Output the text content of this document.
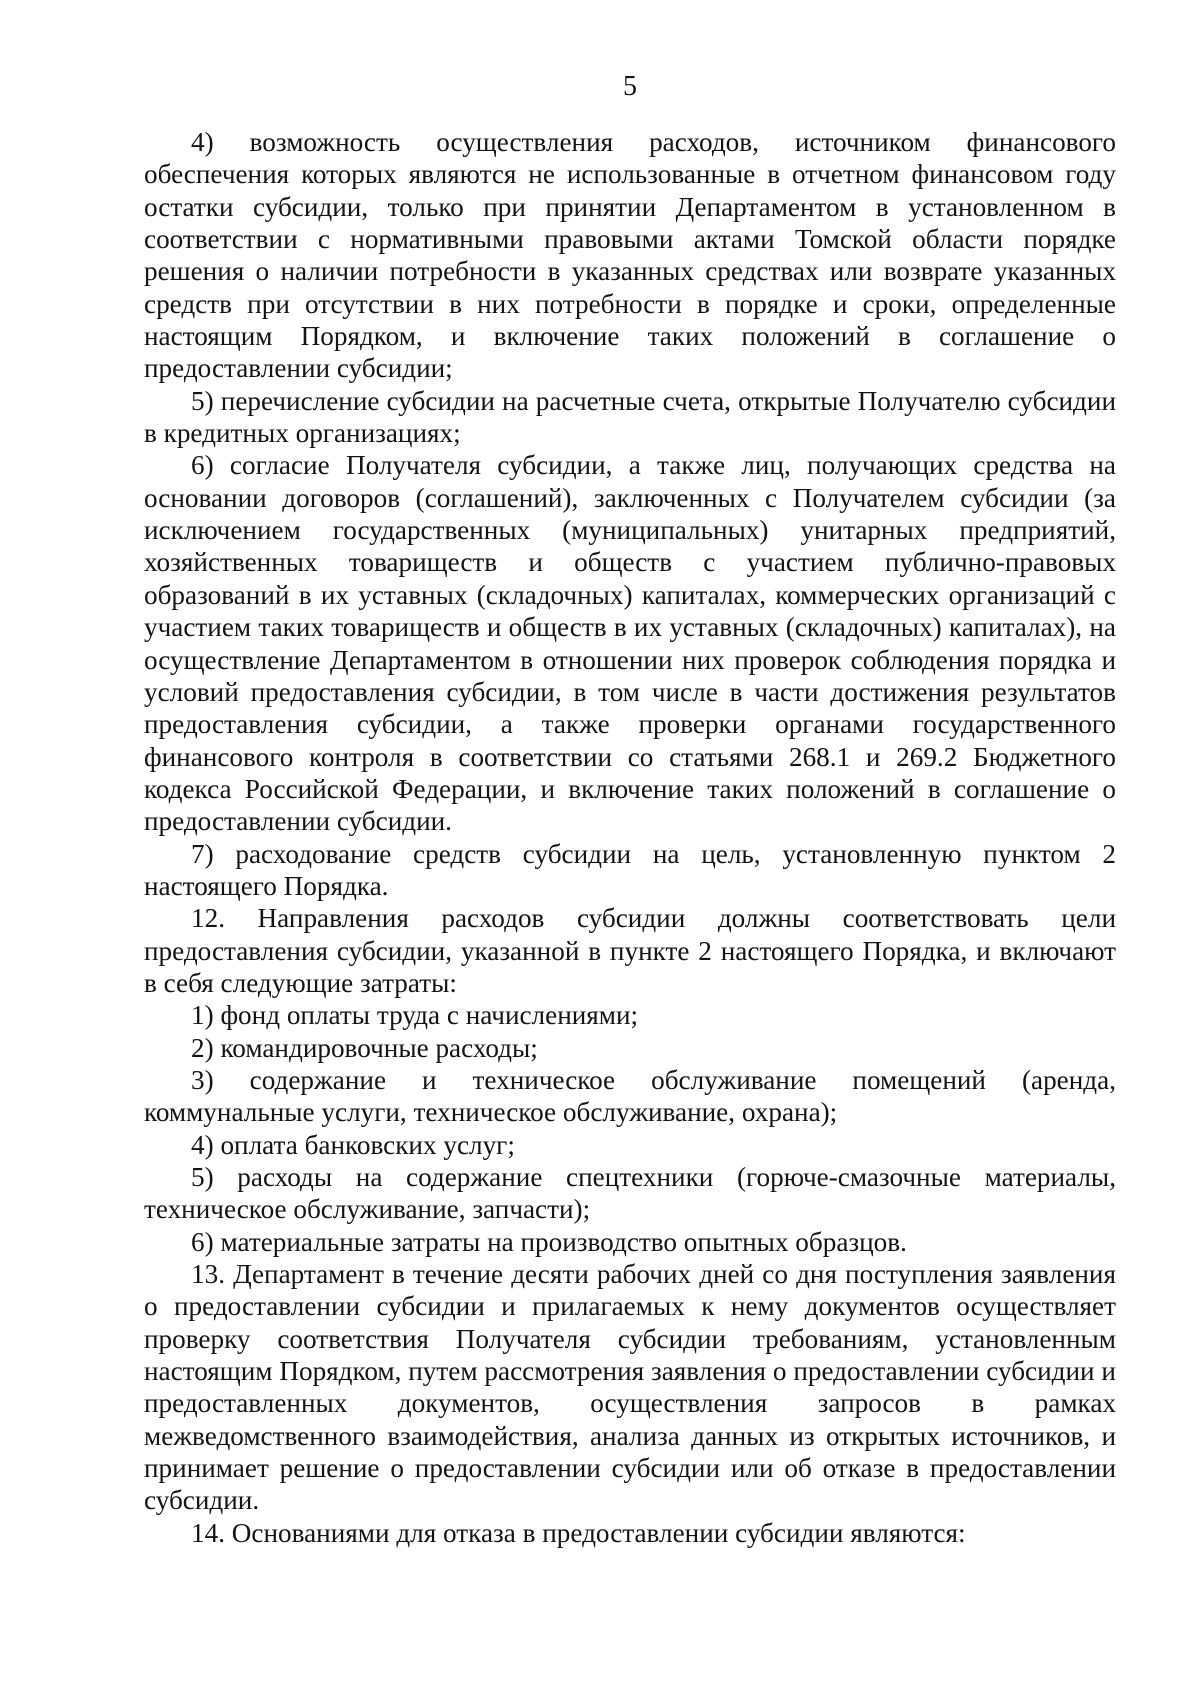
5

4) возможность осуществления расходов, источником финансового обеспечения которых являются не использованные в отчетном финансовом году остатки субсидии, только при принятии Департаментом в установленном в соответствии с нормативными правовыми актами Томской области порядке решения о наличии потребности в указанных средствах или возврате указанных средств при отсутствии в них потребности в порядке и сроки, определенные настоящим Порядком, и включение таких положений в соглашение о предоставлении субсидии;

5) перечисление субсидии на расчетные счета, открытые Получателю субсидии в кредитных организациях;

6) согласие Получателя субсидии, а также лиц, получающих средства на основании договоров (соглашений), заключенных с Получателем субсидии (за исключением государственных (муниципальных) унитарных предприятий, хозяйственных товариществ и обществ с участием публично-правовых образований в их уставных (складочных) капиталах, коммерческих организаций с участием таких товариществ и обществ в их уставных (складочных) капиталах), на осуществление Департаментом в отношении них проверок соблюдения порядка и условий предоставления субсидии, в том числе в части достижения результатов предоставления субсидии, а также проверки органами государственного финансового контроля в соответствии со статьями 268.1 и 269.2 Бюджетного кодекса Российской Федерации, и включение таких положений в соглашение о предоставлении субсидии.

7) расходование средств субсидии на цель, установленную пунктом 2 настоящего Порядка.

12. Направления расходов субсидии должны соответствовать цели предоставления субсидии, указанной в пункте 2 настоящего Порядка, и включают в себя следующие затраты:

1) фонд оплаты труда с начислениями;

2) командировочные расходы;

3) содержание и техническое обслуживание помещений (аренда, коммунальные услуги, техническое обслуживание, охрана);

4) оплата банковских услуг;

5) расходы на содержание спецтехники (горюче-смазочные материалы, техническое обслуживание, запчасти);

6) материальные затраты на производство опытных образцов.

13. Департамент в течение десяти рабочих дней со дня поступления заявления о предоставлении субсидии и прилагаемых к нему документов осуществляет проверку соответствия Получателя субсидии требованиям, установленным настоящим Порядком, путем рассмотрения заявления о предоставлении субсидии и предоставленных документов, осуществления запросов в рамках межведомственного взаимодействия, анализа данных из открытых источников, и принимает решение о предоставлении субсидии или об отказе в предоставлении субсидии.

14. Основаниями для отказа в предоставлении субсидии являются:
